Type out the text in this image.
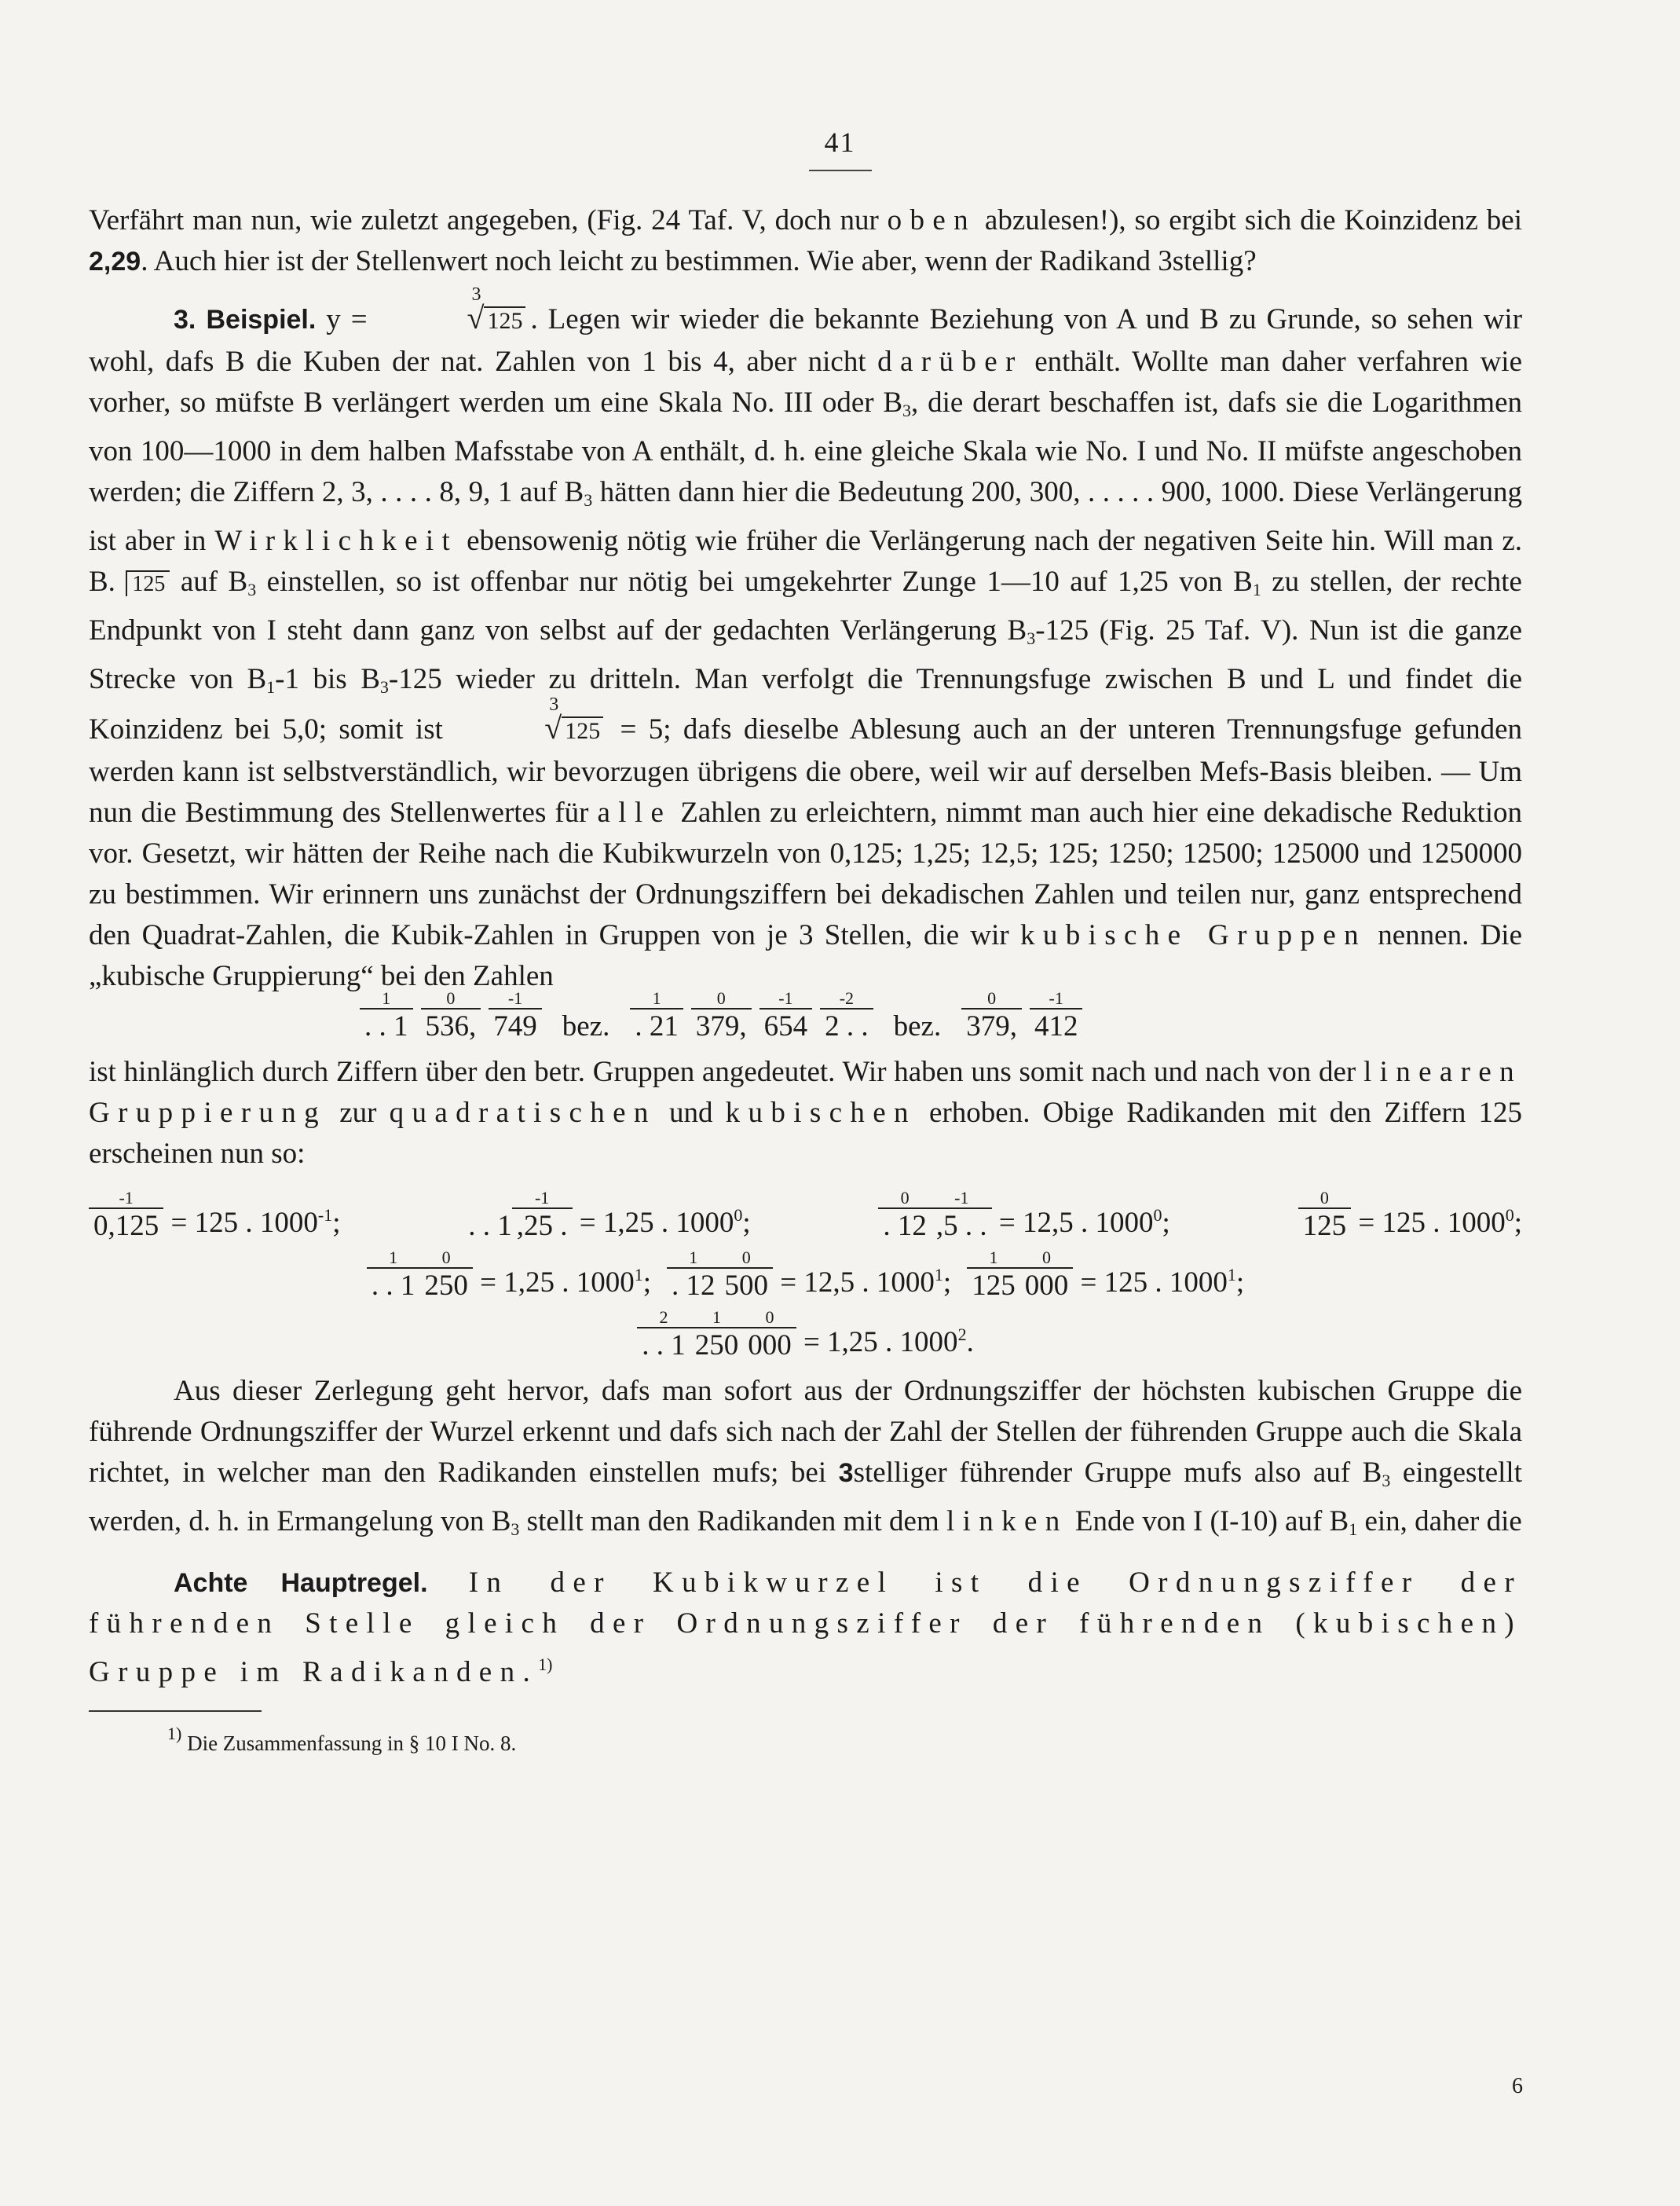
41

Verfährt man nun, wie zuletzt angegeben, (Fig. 24 Taf. V, doch nur oben abzulesen!), so ergibt sich die Koinzidenz bei 2,29. Auch hier ist der Stellenwert noch leicht zu bestimmen. Wie aber, wenn der Radikand 3stellig?

3. Beispiel. y =
3
√ 125 . Legen wir wieder die bekannte Beziehung von A und B zu Grunde, so sehen wir wohl, dafs B die Kuben der nat. Zahlen von 1 bis 4, aber nicht darüber enthält. Wollte man daher verfahren wie vorher, so müfste B verlängert werden um eine Skala No. III oder $B_3$, die derart beschaffen ist, dafs sie die Logarithmen von 100—1000 in dem halben Mafsstabe von A enthält, d. h. eine gleiche Skala wie No. I und No. II müfste angeschoben werden; die Ziffern 2, 3, . . . . 8, 9, 1 auf $B_3$ hätten dann hier die Bedeutung 200, 300, . . . . . 900, 1000. Diese Verlängerung ist aber in Wirklichkeit ebensowenig nötig wie früher die Verlängerung nach der negativen Seite hin. Will man z. B. 125 auf $B_3$ einstellen, so ist offenbar nur nötig bei umgekehrter Zunge 1—10 auf 1,25 von $B_1$ zu stellen, der rechte Endpunkt von I steht dann ganz von selbst auf der gedachten Verlängerung $B_3-125$ (Fig. 25 Taf. V). Nun ist die ganze Strecke von $B_1-1$ bis $B_3-125$ wieder zu dritteln. Man verfolgt die Trennungsfuge zwischen B und L und findet die Koinzidenz bei 5,0; somit ist
3
√ 125 = 5; dafs dieselbe Ablesung auch an der unteren Trennungsfuge gefunden werden kann ist selbstverständlich, wir bevorzugen übrigens die obere, weil wir auf derselben Mefs-Basis bleiben. — Um nun die Bestimmung des Stellenwertes für alle Zahlen zu erleichtern, nimmt man auch hier eine dekadische Reduktion vor. Gesetzt, wir hätten der Reihe nach die Kubikwurzeln von 0,125; 1,25; 12,5; 125; 1250; 12500; 125000 und 1250000 zu bestimmen. Wir erinnern uns zunächst der Ordnungsziffern bei dekadischen Zahlen und teilen nur, ganz entsprechend den Quadrat-Zahlen, die Kubik-Zahlen in Gruppen von je 3 Stellen, die wir kubische Gruppen nennen. Die „kubische Gruppierung“ bei den Zahlen

1
. . 1
0
536,
-1
749 bez.
1
. 21
0
379,
-1
654
-2
2 . . bez.
0
379,
-1
412

ist hinlänglich durch Ziffern über den betr. Gruppen angedeutet. Wir haben uns somit nach und nach von der linearen Gruppierung zur quadratischen und kubischen erhoben. Obige Radikanden mit den Ziffern 125 erscheinen nun so:

-1
0,125 = 125 . $1000^{-1}$;
	. . 1
-1
,25 . = 1,25 . 1000$^0$;
0
. 12
-1
,5 . . = 12,5 . 1000$^0$;
0
125 = 125 . 1000$^0$;
1
. . 1
0
250 = 1,25 . 1000$^1$;
1
. 12
0
500 = 12,5 . 1000$^1$;
1
125
0
000 = 125 . 1000$^1$;
2
. . 1
1
250
0
000 = 1,25 . 1000$^2$.

Aus dieser Zerlegung geht hervor, dafs man sofort aus der Ordnungsziffer der höchsten kubischen Gruppe die führende Ordnungsziffer der Wurzel erkennt und dafs sich nach der Zahl der Stellen der führenden Gruppe auch die Skala richtet, in welcher man den Radikanden einstellen mufs; bei 3stelliger führender Gruppe mufs also auf $B_3$ eingestellt werden, d. h. in Ermangelung von $B_3$ stellt man den Radikanden mit dem linken Ende von I (I-10) auf $B_1$ ein, daher die

Achte Hauptregel. In der Kubikwurzel ist die Ordnungsziffer der führenden Stelle gleich der Ordnungsziffer der führenden (kubischen) Gruppe im Radikanden.$^{1)}$

$^{1)}$ Die Zusammenfassung in § 10 I No. 8.
6
